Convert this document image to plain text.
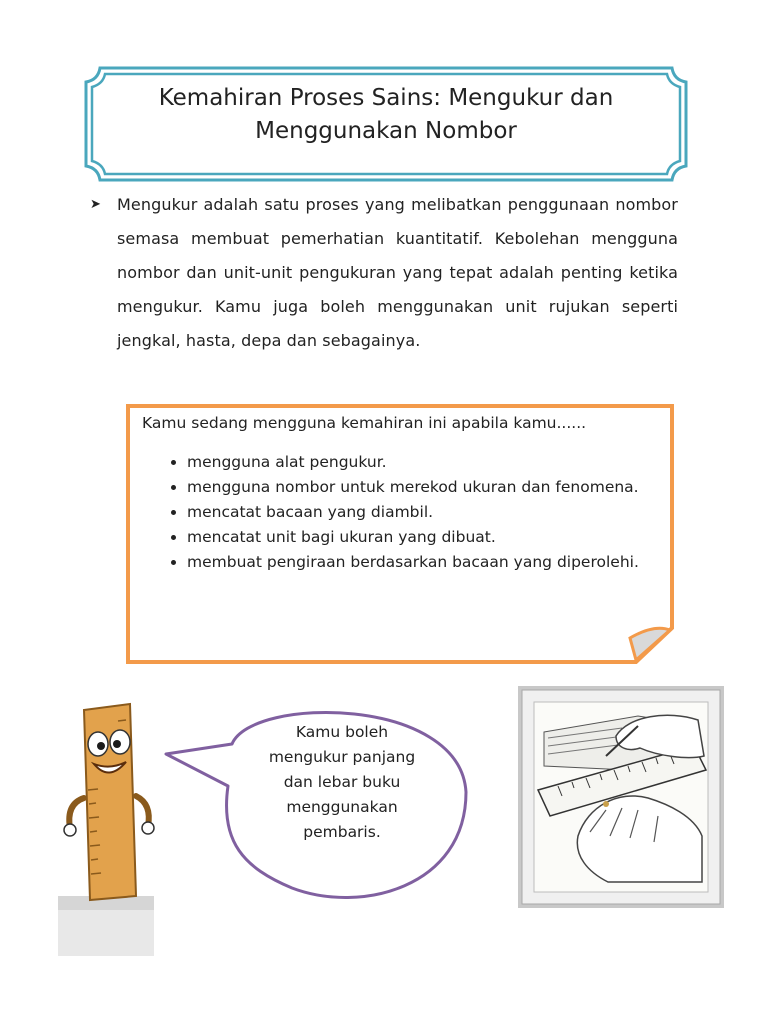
Kemahiran Proses Sains: Mengukur dan
Menggunakan Nombor
➤ Mengukur adalah satu proses yang melibatkan penggunaan nombor semasa membuat pemerhatian kuantitatif. Kebolehan mengguna nombor dan unit-unit pengukuran yang tepat adalah penting ketika mengukur. Kamu juga boleh menggunakan unit rujukan seperti jengkal, hasta, depa dan sebagainya.

Kamu sedang mengguna kemahiran ini apabila kamu......
• mengguna alat pengukur.
• mengguna nombor untuk merekod ukuran dan fenomena.
• mencatat bacaan yang diambil.
• mencatat unit bagi ukuran yang dibuat.
• membuat pengiraan berdasarkan bacaan yang diperolehi.
Kamu boleh mengukur panjang dan lebar buku menggunakan pembaris.
